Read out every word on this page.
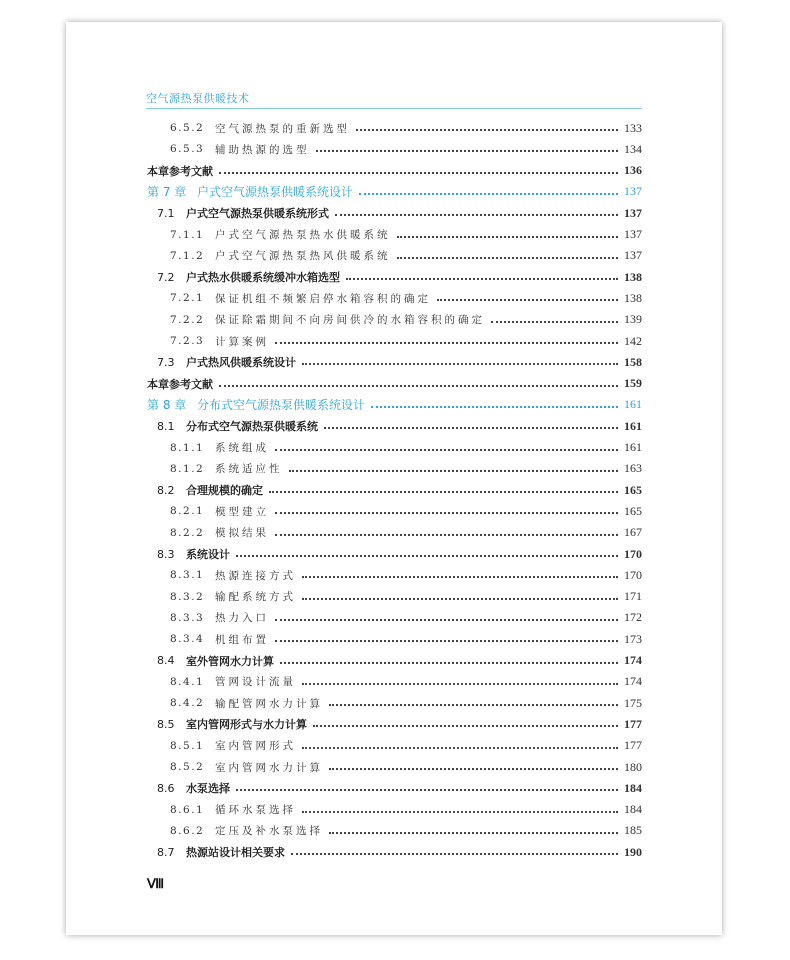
空气源热泵供暖技术
6.5.2	空气源热泵的重新选型	133
6.5.3	辅助热源的选型	134
本章参考文献	136
第 7 章 户式空气源热泵供暖系统设计	137
7.1	户式空气源热泵供暖系统形式	137
7.1.1	户式空气源热泵热水供暖系统	137
7.1.2	户式空气源热泵热风供暖系统	137
7.2	户式热水供暖系统缓冲水箱选型	138
7.2.1	保证机组不频繁启停水箱容积的确定	138
7.2.2	保证除霜期间不向房间供冷的水箱容积的确定	139
7.2.3	计算案例	142
7.3	户式热风供暖系统设计	158
本章参考文献	159
第 8 章 分布式空气源热泵供暖系统设计	161
8.1	分布式空气源热泵供暖系统	161
8.1.1	系统组成	161
8.1.2	系统适应性	163
8.2	合理规模的确定	165
8.2.1	模型建立	165
8.2.2	模拟结果	167
8.3	系统设计	170
8.3.1	热源连接方式	170
8.3.2	输配系统方式	171
8.3.3	热力入口	172
8.3.4	机组布置	173
8.4	室外管网水力计算	174
8.4.1	管网设计流量	174
8.4.2	输配管网水力计算	175
8.5	室内管网形式与水力计算	177
8.5.1	室内管网形式	177
8.5.2	室内管网水力计算	180
8.6	水泵选择	184
8.6.1	循环水泵选择	184
8.6.2	定压及补水泵选择	185
8.7	热源站设计相关要求	190
Ⅷ
